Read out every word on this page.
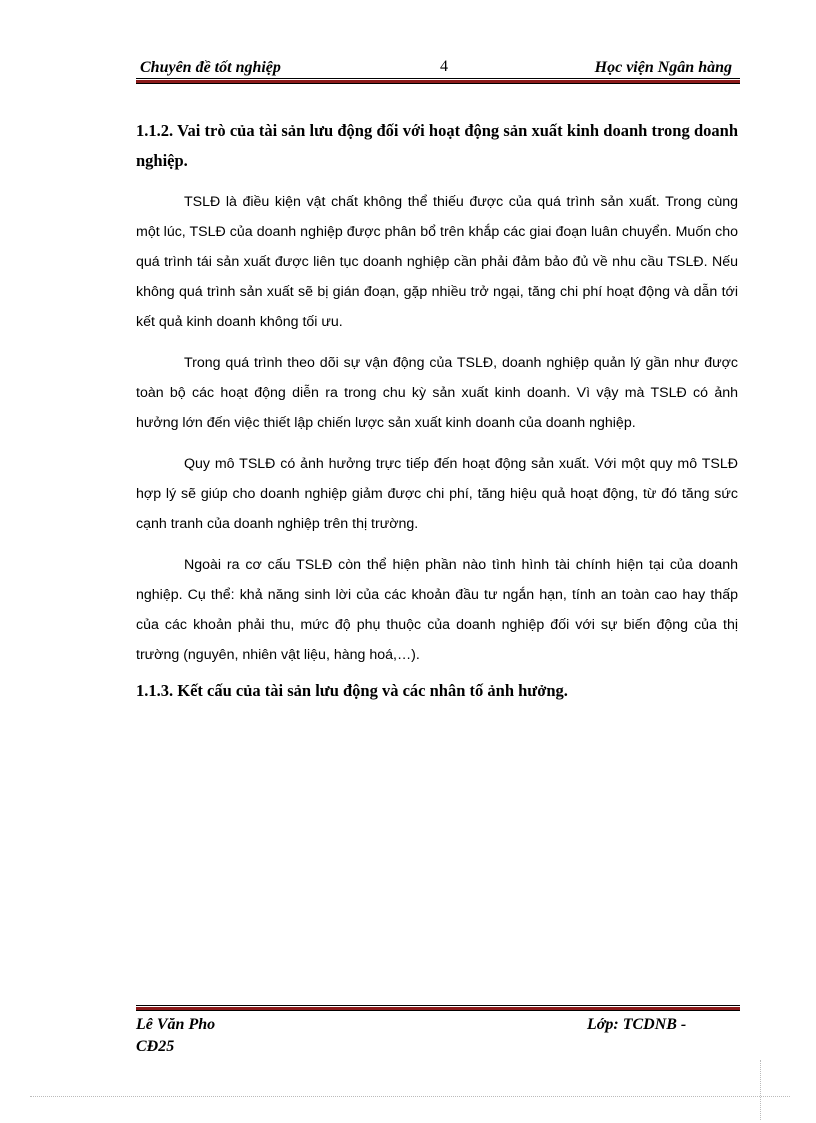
Chuyên đề tốt nghiệp	4	Học viện Ngân hàng

1.1.2. Vai trò của tài sản lưu động đối với hoạt động sản xuất kinh doanh trong doanh nghiệp.

TSLĐ là điều kiện vật chất không thể thiếu được của quá trình sản xuất. Trong cùng một lúc, TSLĐ của doanh nghiệp được phân bổ trên khắp các giai đoạn luân chuyển. Muốn cho quá trình tái sản xuất được liên tục doanh nghiệp cần phải đảm bảo đủ về nhu cầu TSLĐ. Nếu không quá trình sản xuất sẽ bị gián đoạn, gặp nhiều trở ngại, tăng chi phí hoạt động và dẫn tới kết quả kinh doanh không tối ưu.

Trong quá trình theo dõi sự vận động của TSLĐ, doanh nghiệp quản lý gần như được toàn bộ các hoạt động diễn ra trong chu kỳ sản xuất kinh doanh. Vì vậy mà TSLĐ có ảnh hưởng lớn đến việc thiết lập chiến lược sản xuất kinh doanh của doanh nghiệp.

Quy mô TSLĐ có ảnh hưởng trực tiếp đến hoạt động sản xuất. Với một quy mô TSLĐ hợp lý sẽ giúp cho doanh nghiệp giảm được chi phí, tăng hiệu quả hoạt động, từ đó tăng sức cạnh tranh của doanh nghiệp trên thị trường.

Ngoài ra cơ cấu TSLĐ còn thể hiện phần nào tình hình tài chính hiện tại của doanh nghiệp. Cụ thể: khả năng sinh lời của các khoản đầu tư ngắn hạn, tính an toàn cao hay thấp của các khoản phải thu, mức độ phụ thuộc của doanh nghiệp đối với sự biến động của thị trường (nguyên, nhiên vật liệu, hàng hoá,…).

1.1.3. Kết cấu của tài sản lưu động và các nhân tố ảnh hưởng.

Lê Văn Pho	Lớp: TCDNB -
CĐ25
